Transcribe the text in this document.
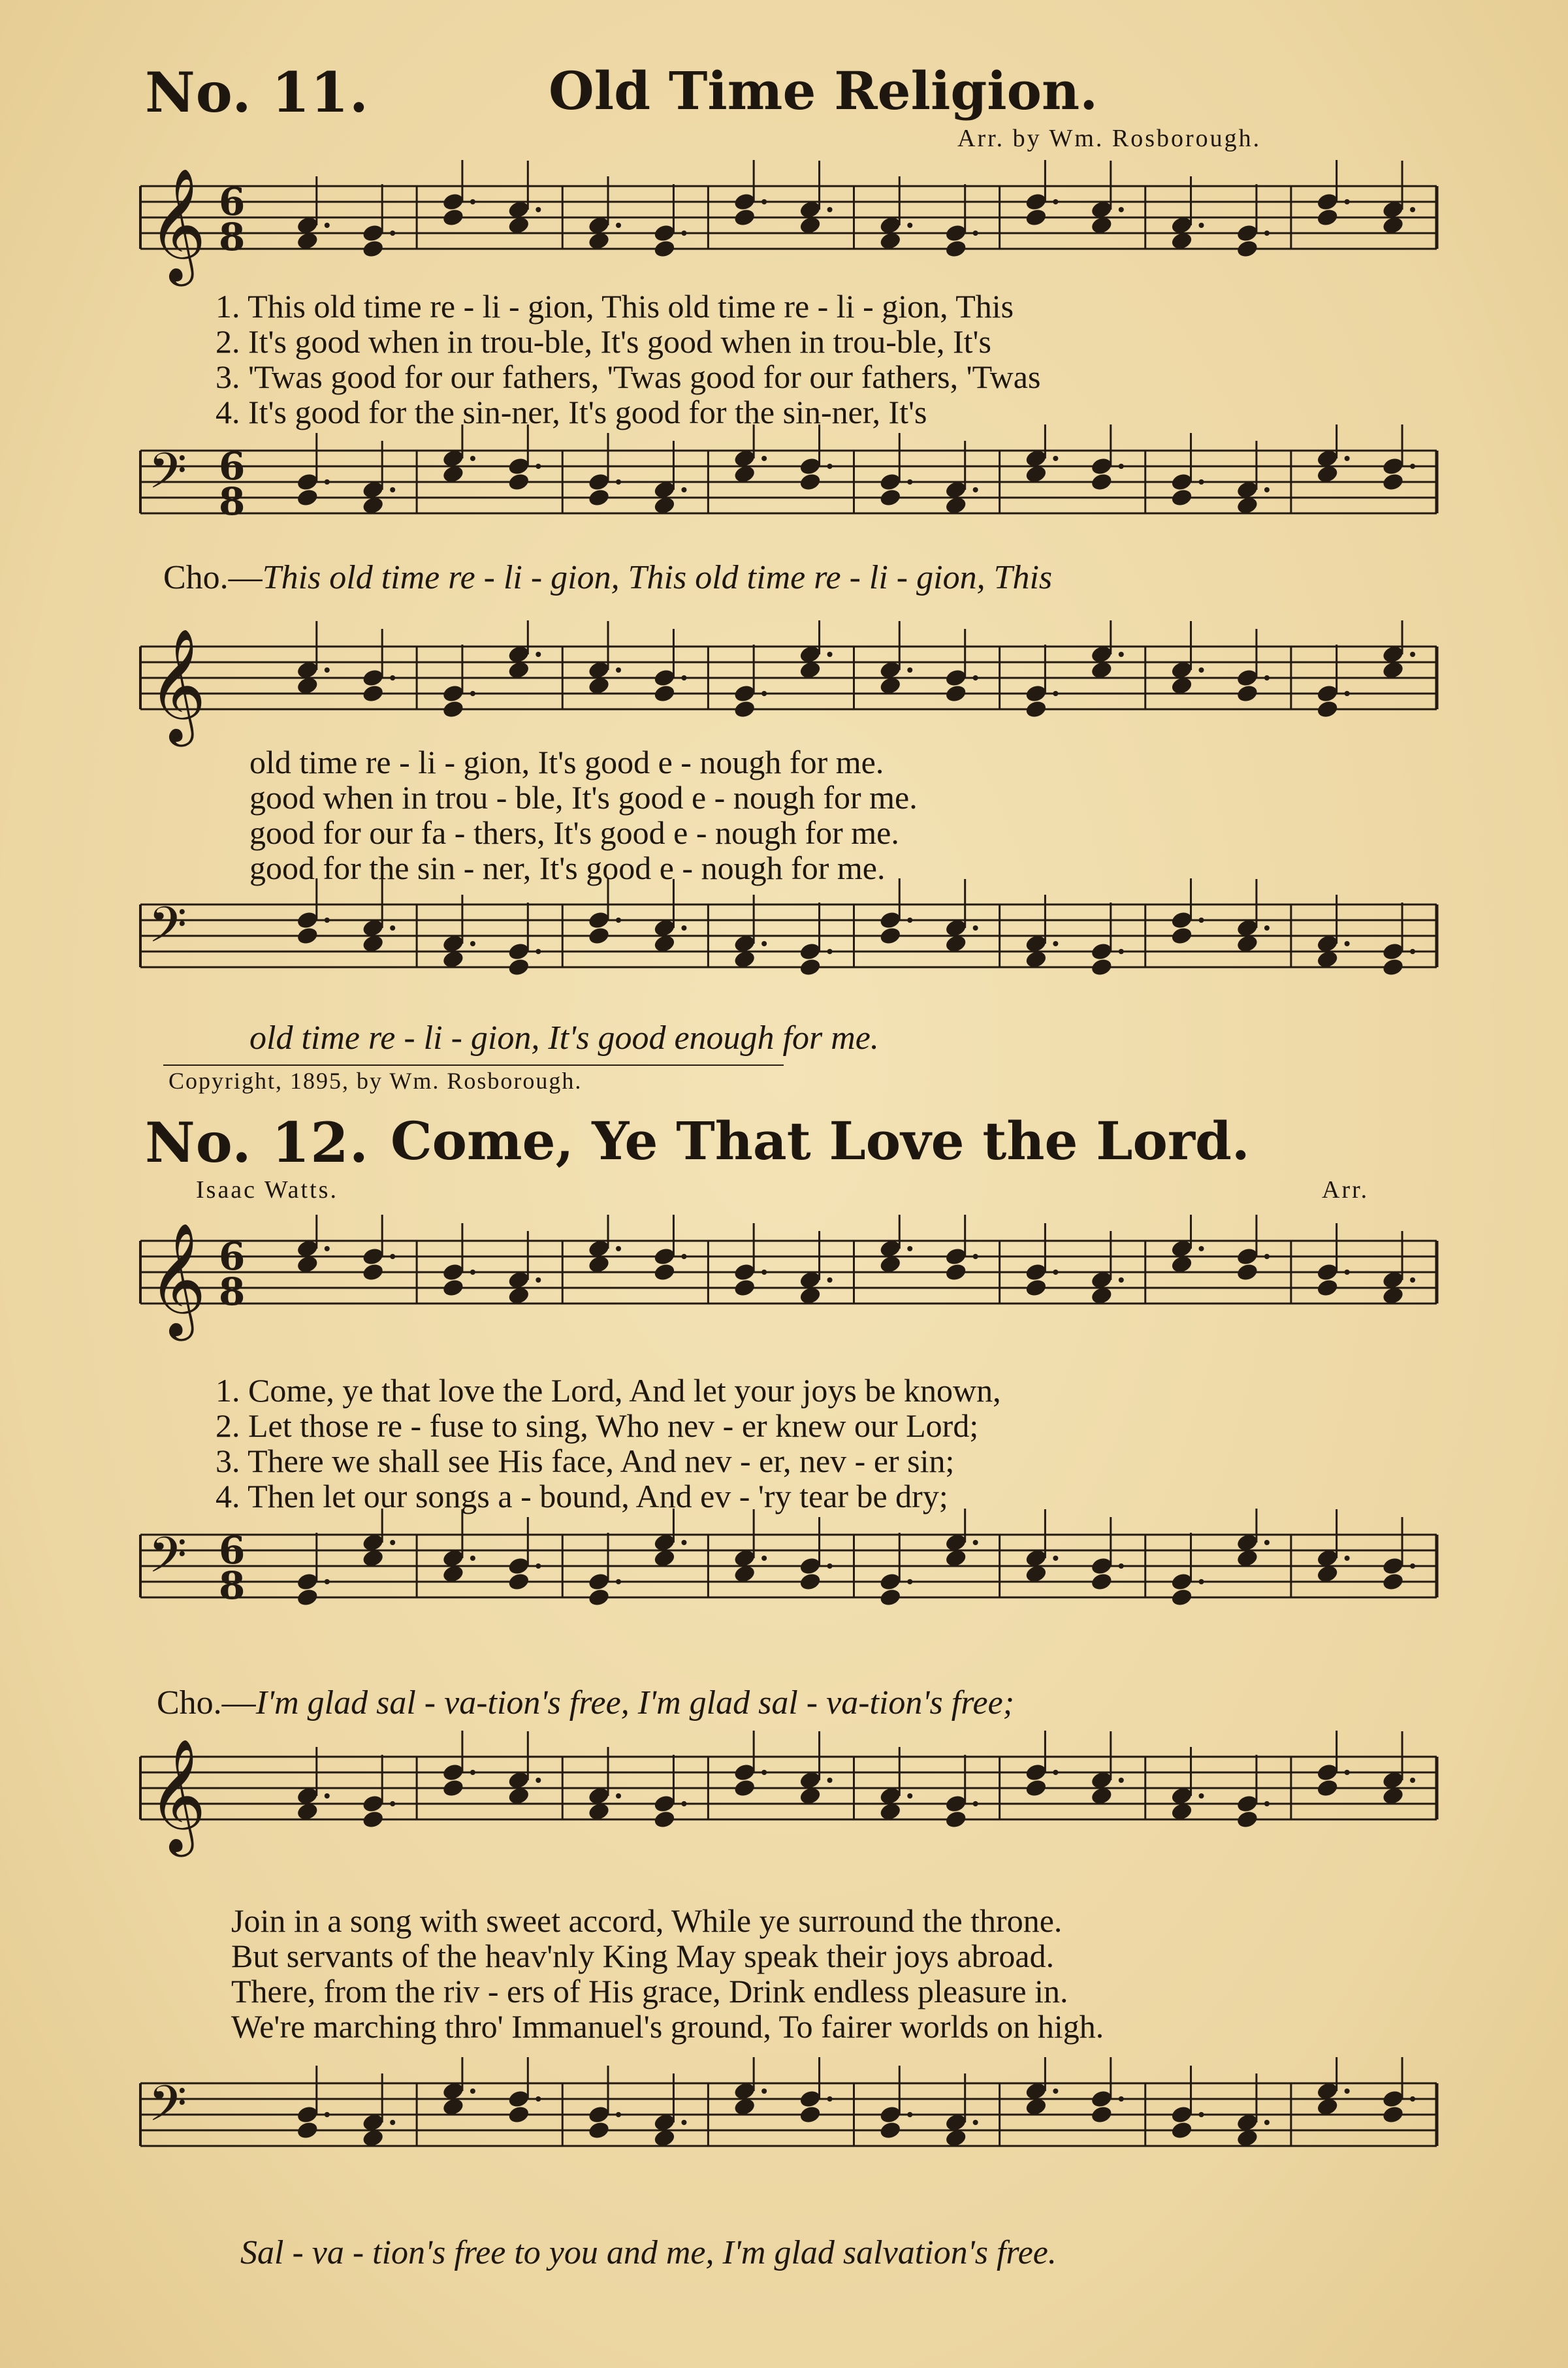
No. 11.	Old Time Religion.
Arr. by Wm. Rosborough.
𝄞 6
8
1. This old time re - li - gion, This old time re - li - gion, This
2. It's good when in trou-ble, It's good when in trou-ble, It's
3. 'Twas good for our fathers, 'Twas good for our fathers, 'Twas
4. It's good for the sin-ner, It's good for the sin-ner, It's
𝄢 6
8
Cho.—This old time re - li - gion, This old time re - li - gion, This
𝄞
old time re - li - gion, It's good e - nough for me.
good when in trou - ble, It's good e - nough for me.
good for our fa - thers, It's good e - nough for me.
good for the sin - ner, It's good e - nough for me.
𝄢
old time re - li - gion, It's good enough for me.
Copyright, 1895, by Wm. Rosborough.
No. 12. Come, Ye That Love the Lord.
Isaac Watts.	Arr.
𝄞 6
8
1. Come, ye that love the Lord, And let your joys be known,
2. Let those re - fuse to sing, Who nev - er knew our Lord;
3. There we shall see His face, And nev - er, nev - er sin;
4. Then let our songs a - bound, And ev - 'ry tear be dry;
𝄢 6
8
Cho.—I'm glad sal - va-tion's free, I'm glad sal - va-tion's free;
𝄞
Join in a song with sweet accord, While ye surround the throne.
But servants of the heav'nly King May speak their joys abroad.
There, from the riv - ers of His grace, Drink endless pleasure in.
We're marching thro' Immanuel's ground, To fairer worlds on high.
𝄢
Sal - va - tion's free to you and me, I'm glad salvation's free.
